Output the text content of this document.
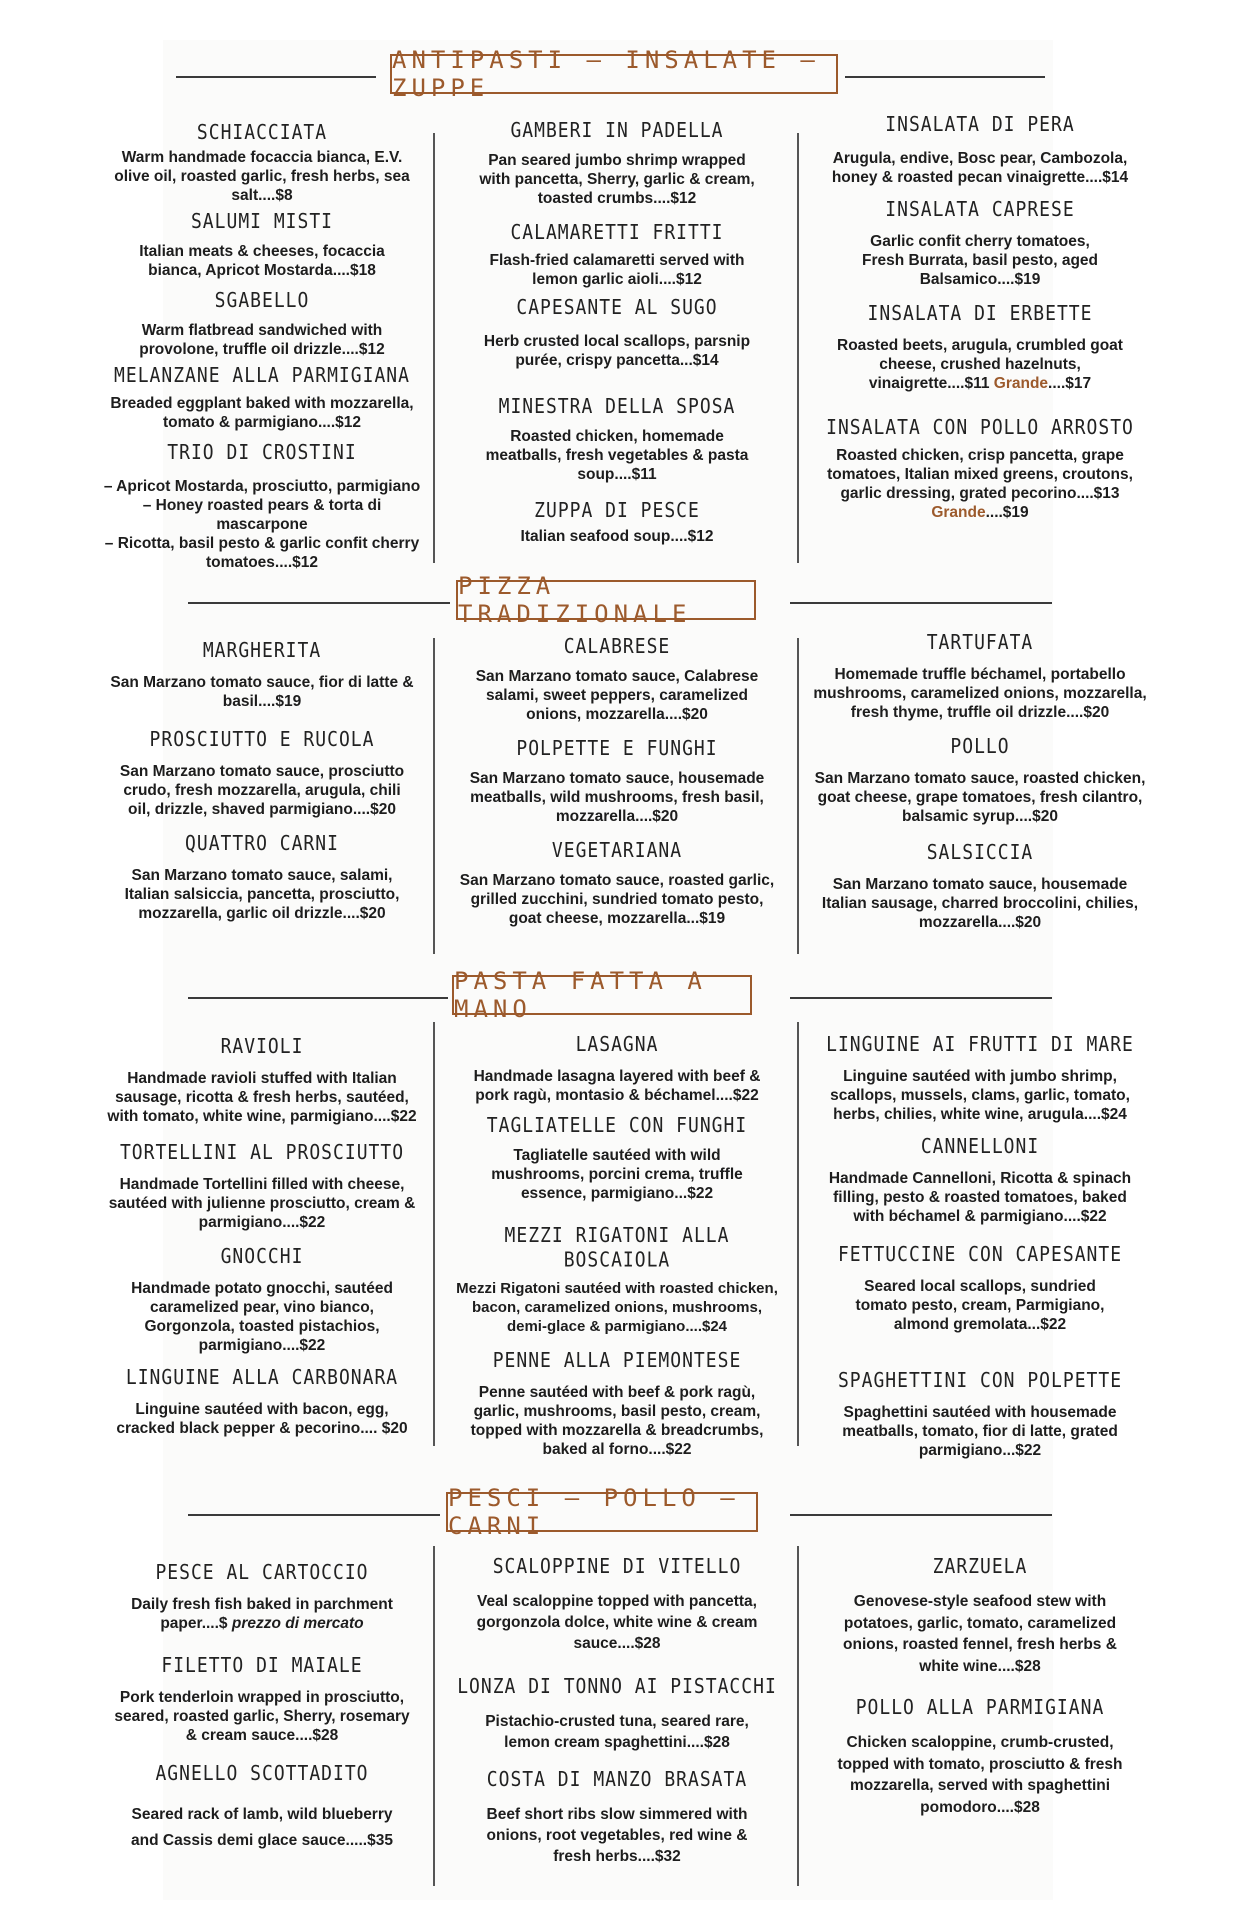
ANTIPASTI – INSALATE – ZUPPE
SCHIACCIATA

Warm handmade focaccia bianca, E.V. olive oil, roasted garlic, fresh herbs, sea salt....$8

SALUMI MISTI

Italian meats & cheeses, focaccia bianca, Apricot Mostarda....$18

SGABELLO

Warm flatbread sandwiched with provolone, truffle oil drizzle....$12

MELANZANE ALLA PARMIGIANA

Breaded eggplant baked with mozzarella, tomato & parmigiano....$12

TRIO DI CROSTINI

– Apricot Mostarda, prosciutto, parmigiano
– Honey roasted pears & torta di mascarpone
– Ricotta, basil pesto & garlic confit cherry tomatoes....$12

GAMBERI IN PADELLA

Pan seared jumbo shrimp wrapped with pancetta, Sherry, garlic & cream, toasted crumbs....$12

CALAMARETTI FRITTI

Flash-fried calamaretti served with lemon garlic aioli....$12

CAPESANTE AL SUGO

Herb crusted local scallops, parsnip purée, crispy pancetta...$14

MINESTRA DELLA SPOSA

Roasted chicken, homemade meatballs, fresh vegetables & pasta soup....$11

ZUPPA DI PESCE

Italian seafood soup....$12

INSALATA DI PERA

Arugula, endive, Bosc pear, Cambozola, honey & roasted pecan vinaigrette....$14

INSALATA CAPRESE

Garlic confit cherry tomatoes, Fresh Burrata, basil pesto, aged Balsamico....$19

INSALATA DI ERBETTE

Roasted beets, arugula, crumbled goat cheese, crushed hazelnuts, vinaigrette....$11 Grande....$17

INSALATA CON POLLO ARROSTO

Roasted chicken, crisp pancetta, grape tomatoes, Italian mixed greens, croutons, garlic dressing, grated pecorino....$13 Grande....$19

PIZZA TRADIZIONALE
MARGHERITA

San Marzano tomato sauce, fior di latte & basil....$19

PROSCIUTTO E RUCOLA

San Marzano tomato sauce, prosciutto crudo, fresh mozzarella, arugula, chili oil, drizzle, shaved parmigiano....$20

QUATTRO CARNI

San Marzano tomato sauce, salami, Italian salsiccia, pancetta, prosciutto, mozzarella, garlic oil drizzle....$20

CALABRESE

San Marzano tomato sauce, Calabrese salami, sweet peppers, caramelized onions, mozzarella....$20

POLPETTE E FUNGHI

San Marzano tomato sauce, housemade meatballs, wild mushrooms, fresh basil, mozzarella....$20

VEGETARIANA

San Marzano tomato sauce, roasted garlic, grilled zucchini, sundried tomato pesto, goat cheese, mozzarella...$19

TARTUFATA

Homemade truffle béchamel, portabello mushrooms, caramelized onions, mozzarella, fresh thyme, truffle oil drizzle....$20

POLLO

San Marzano tomato sauce, roasted chicken, goat cheese, grape tomatoes, fresh cilantro, balsamic syrup....$20

SALSICCIA

San Marzano tomato sauce, housemade Italian sausage, charred broccolini, chilies, mozzarella....$20

PASTA FATTA A MANO
RAVIOLI

Handmade ravioli stuffed with Italian sausage, ricotta & fresh herbs, sautéed, with tomato, white wine, parmigiano....$22

TORTELLINI AL PROSCIUTTO

Handmade Tortellini filled with cheese, sautéed with julienne prosciutto, cream & parmigiano....$22

GNOCCHI

Handmade potato gnocchi, sautéed caramelized pear, vino bianco, Gorgonzola, toasted pistachios, parmigiano....$22

LINGUINE ALLA CARBONARA

Linguine sautéed with bacon, egg, cracked black pepper & pecorino.... $20

LASAGNA

Handmade lasagna layered with beef & pork ragù, montasio & béchamel....$22

TAGLIATELLE CON FUNGHI

Tagliatelle sautéed with wild mushrooms, porcini crema, truffle essence, parmigiano...$22

MEZZI RIGATONI ALLA BOSCAIOLA

Mezzi Rigatoni sautéed with roasted chicken, bacon, caramelized onions, mushrooms, demi-glace & parmigiano....$24

PENNE ALLA PIEMONTESE

Penne sautéed with beef & pork ragù, garlic, mushrooms, basil pesto, cream, topped with mozzarella & breadcrumbs, baked al forno....$22

LINGUINE AI FRUTTI DI MARE

Linguine sautéed with jumbo shrimp, scallops, mussels, clams, garlic, tomato, herbs, chilies, white wine, arugula....$24

CANNELLONI

Handmade Cannelloni, Ricotta & spinach filling, pesto & roasted tomatoes, baked with béchamel & parmigiano....$22

FETTUCCINE CON CAPESANTE

Seared local scallops, sundried tomato pesto, cream, Parmigiano, almond gremolata...$22

SPAGHETTINI CON POLPETTE

Spaghettini sautéed with housemade meatballs, tomato, fior di latte, grated parmigiano...$22

PESCI – POLLO – CARNI
PESCE AL CARTOCCIO

Daily fresh fish baked in parchment paper....$ prezzo di mercato

FILETTO DI MAIALE

Pork tenderloin wrapped in prosciutto, seared, roasted garlic, Sherry, rosemary & cream sauce....$28

AGNELLO SCOTTADITO

Seared rack of lamb, wild blueberry and Cassis demi glace sauce.....$35

SCALOPPINE DI VITELLO

Veal scaloppine topped with pancetta, gorgonzola dolce, white wine & cream sauce....$28

LONZA DI TONNO AI PISTACCHI

Pistachio-crusted tuna, seared rare, lemon cream spaghettini....$28

COSTA DI MANZO BRASATA

Beef short ribs slow simmered with onions, root vegetables, red wine & fresh herbs....$32

ZARZUELA

Genovese-style seafood stew with potatoes, garlic, tomato, caramelized onions, roasted fennel, fresh herbs & white wine....$28

POLLO ALLA PARMIGIANA

Chicken scaloppine, crumb-crusted, topped with tomato, prosciutto & fresh mozzarella, served with spaghettini pomodoro....$28
